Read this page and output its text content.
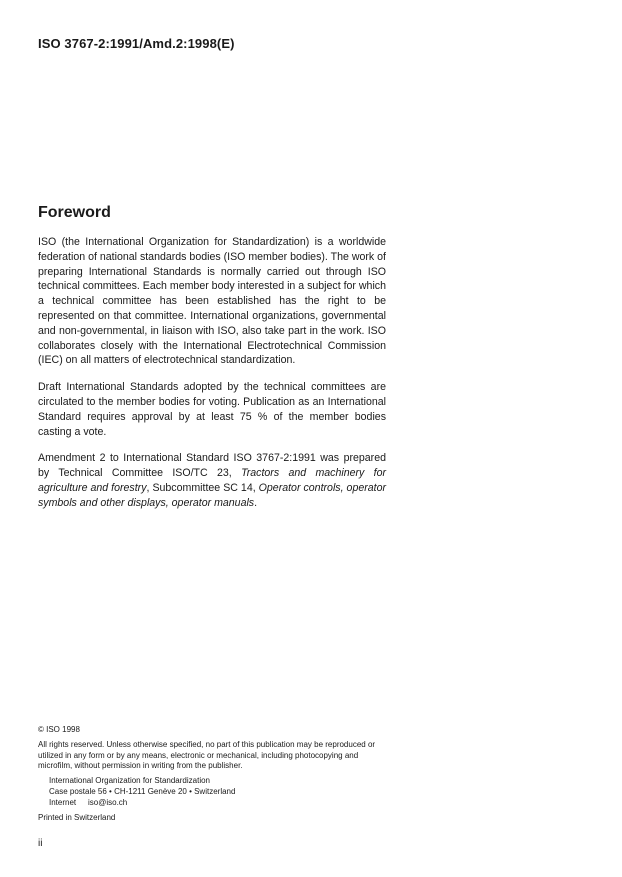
ISO 3767-2:1991/Amd.2:1998(E)
Foreword

ISO (the International Organization for Standardization) is a worldwide federation of national standards bodies (ISO member bodies). The work of preparing International Standards is normally carried out through ISO technical committees. Each member body interested in a subject for which a technical committee has been established has the right to be represented on that committee. International organizations, governmental and non-governmental, in liaison with ISO, also take part in the work. ISO collaborates closely with the International Electrotechnical Commission (IEC) on all matters of electrotechnical standardization.

Draft International Standards adopted by the technical committees are circulated to the member bodies for voting. Publication as an International Standard requires approval by at least 75 % of the member bodies casting a vote.

Amendment 2 to International Standard ISO 3767-2:1991 was prepared by Technical Committee ISO/TC 23, Tractors and machinery for agriculture and forestry, Subcommittee SC 14, Operator controls, operator symbols and other displays, operator manuals.

© ISO 1998
All rights reserved. Unless otherwise specified, no part of this publication may be reproduced or utilized in any form or by any means, electronic or mechanical, including photocopying and microfilm, without permission in writing from the publisher.
International Organization for Standardization
Case postale 56 • CH-1211 Genève 20 • Switzerland
Internet iso@iso.ch
Printed in Switzerland
ii
